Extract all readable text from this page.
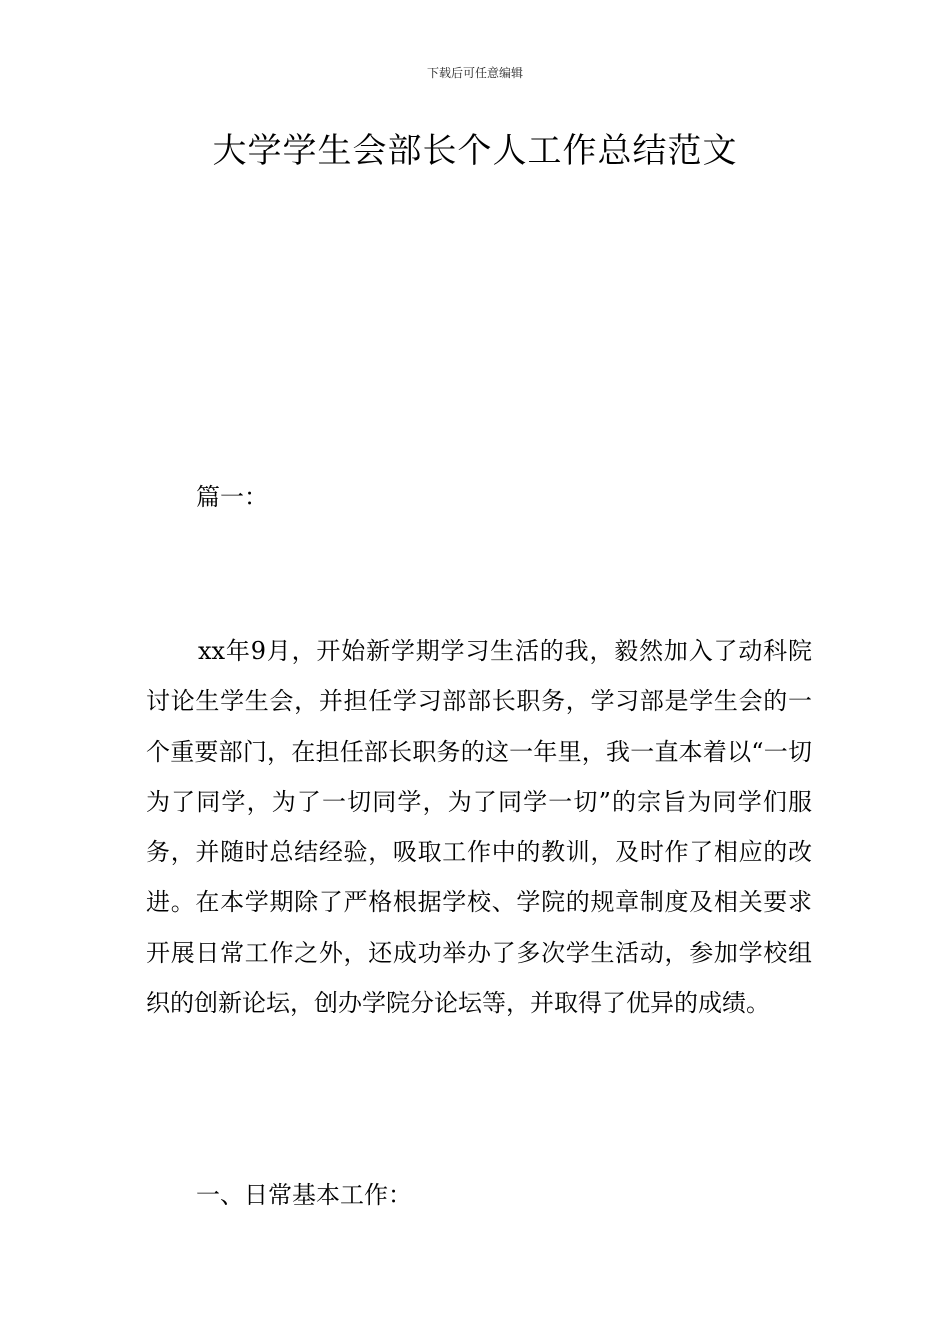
下载后可任意编辑
大学学生会部长个人工作总结范文
篇一：

xx年9月，开始新学期学习生活的我，毅然加入了动科院讨论生学生会，并担任学习部部长职务，学习部是学生会的一个重要部门，在担任部长职务的这一年里，我一直本着以“一切为了同学，为了一切同学，为了同学一切”的宗旨为同学们服务，并随时总结经验，吸取工作中的教训，及时作了相应的改进。在本学期除了严格根据学校、学院的规章制度及相关要求开展日常工作之外，还成功举办了多次学生活动，参加学校组织的创新论坛，创办学院分论坛等，并取得了优异的成绩。

一、日常基本工作：
